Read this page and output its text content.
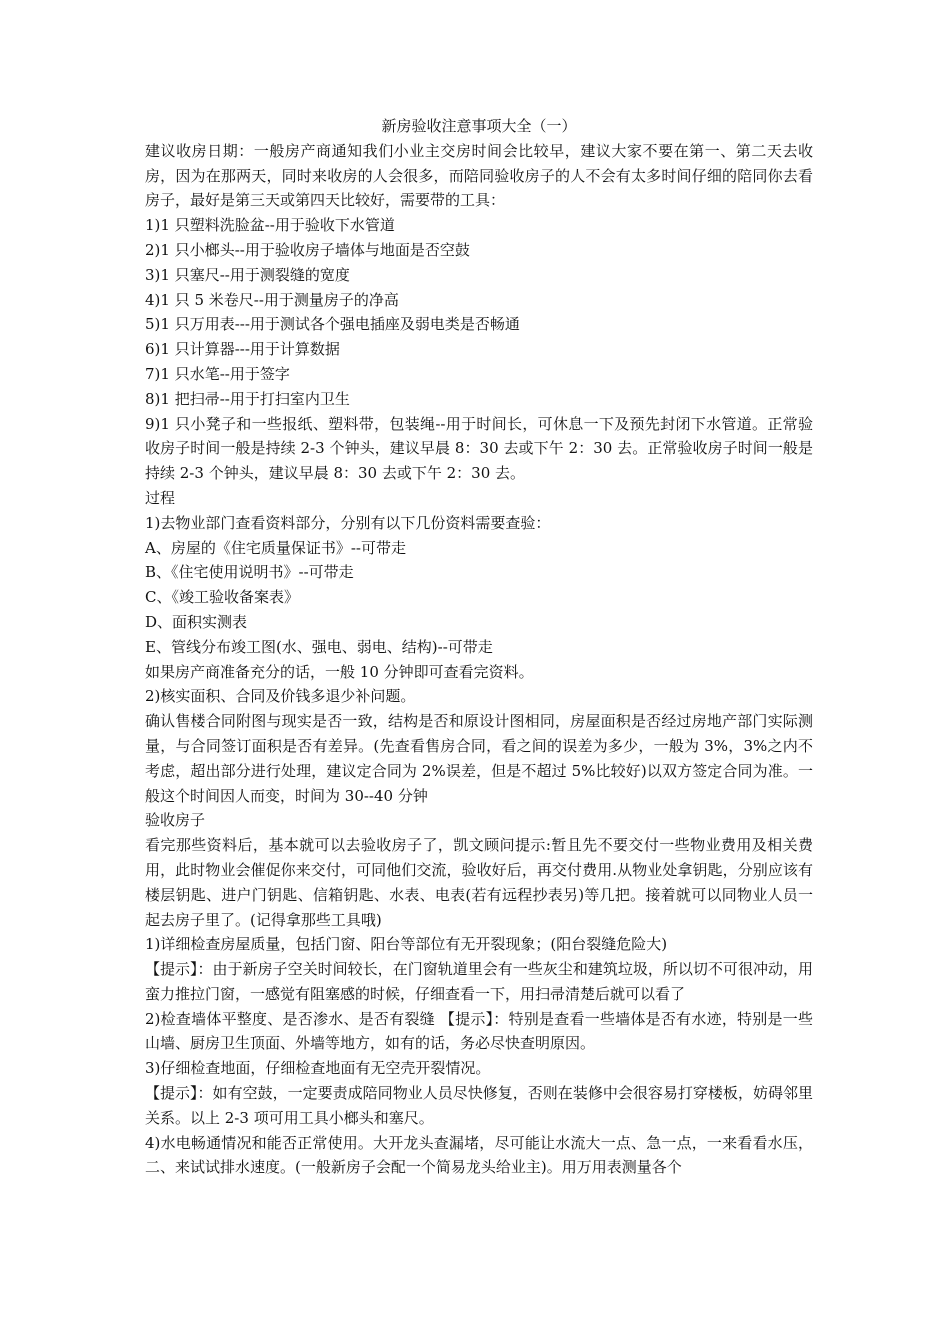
新房验收注意事项大全（一）
建议收房日期：一般房产商通知我们小业主交房时间会比较早，建议大家不要在第一、第二天去收房，因为在那两天，同时来收房的人会很多，而陪同验收房子的人不会有太多时间仔细的陪同你去看房子，最好是第三天或第四天比较好，需要带的工具：
1)1 只塑料洗脸盆--用于验收下水管道
2)1 只小榔头--用于验收房子墙体与地面是否空鼓
3)1 只塞尺--用于测裂缝的宽度
4)1 只 5 米卷尺--用于测量房子的净高
5)1 只万用表---用于测试各个强电插座及弱电类是否畅通
6)1 只计算器---用于计算数据
7)1 只水笔--用于签字
8)1 把扫帚--用于打扫室内卫生
9)1 只小凳子和一些报纸、塑料带，包装绳--用于时间长，可休息一下及预先封闭下水管道。正常验收房子时间一般是持续 2-3 个钟头，建议早晨 8：30 去或下午 2：30 去。正常验收房子时间一般是持续 2-3 个钟头，建议早晨 8：30 去或下午 2：30 去。
过程
1)去物业部门查看资料部分，分别有以下几份资料需要查验：
A、房屋的《住宅质量保证书》--可带走
B、《住宅使用说明书》--可带走
C、《竣工验收备案表》
D、面积实测表
E、管线分布竣工图(水、强电、弱电、结构)--可带走
如果房产商准备充分的话，一般 10 分钟即可查看完资料。
2)核实面积、合同及价钱多退少补问题。
确认售楼合同附图与现实是否一致，结构是否和原设计图相同，房屋面积是否经过房地产部门实际测量，与合同签订面积是否有差异。(先查看售房合同，看之间的误差为多少，一般为 3%，3%之内不考虑，超出部分进行处理，建议定合同为 2%误差，但是不超过 5%比较好)以双方签定合同为准。一般这个时间因人而变，时间为 30--40 分钟
验收房子
看完那些资料后，基本就可以去验收房子了，凯文顾问提示:暂且先不要交付一些物业费用及相关费用，此时物业会催促你来交付，可同他们交流，验收好后，再交付费用.从物业处拿钥匙，分别应该有楼层钥匙、进户门钥匙、信箱钥匙、水表、电表(若有远程抄表另)等几把。接着就可以同物业人员一起去房子里了。(记得拿那些工具哦)
1)详细检查房屋质量，包括门窗、阳台等部位有无开裂现象；(阳台裂缝危险大)
【提示】：由于新房子空关时间较长，在门窗轨道里会有一些灰尘和建筑垃圾，所以切不可很冲动，用蛮力推拉门窗，一感觉有阻塞感的时候，仔细查看一下，用扫帚清楚后就可以看了
2)检查墙体平整度、是否渗水、是否有裂缝 【提示】：特别是查看一些墙体是否有水迹，特别是一些山墙、厨房卫生顶面、外墙等地方，如有的话，务必尽快查明原因。
3)仔细检查地面，仔细检查地面有无空壳开裂情况。
【提示】：如有空鼓，一定要责成陪同物业人员尽快修复，否则在装修中会很容易打穿楼板，妨碍邻里关系。以上 2-3 项可用工具小榔头和塞尺。
4)水电畅通情况和能否正常使用。大开龙头查漏堵，尽可能让水流大一点、急一点，一来看看水压，二、来试试排水速度。(一般新房子会配一个简易龙头给业主)。用万用表测量各个
